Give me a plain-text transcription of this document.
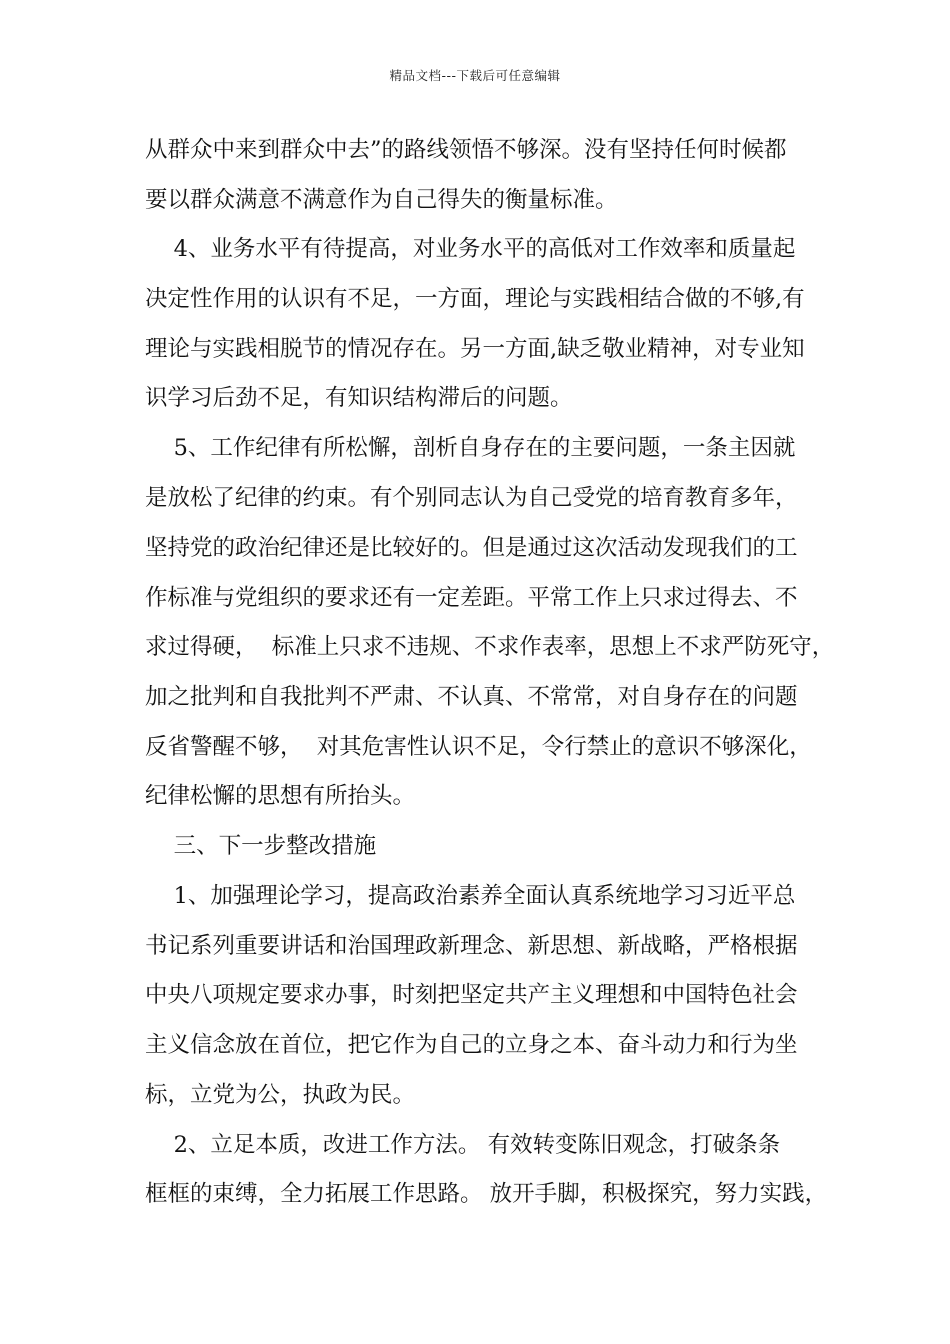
精品文档---下载后可任意编辑
从群众中来到群众中去”的路线领悟不够深。没有坚持任何时候都
要以群众满意不满意作为自己得失的衡量标准。
4、业务水平有待提高，对业务水平的高低对工作效率和质量起
决定性作用的认识有不足，一方面，理论与实践相结合做的不够,有
理论与实践相脱节的情况存在。另一方面,缺乏敬业精神，对专业知
识学习后劲不足，有知识结构滞后的问题。
5、工作纪律有所松懈，剖析自身存在的主要问题，一条主因就
是放松了纪律的约束。有个别同志认为自己受党的培育教育多年，
坚持党的政治纪律还是比较好的。但是通过这次活动发现我们的工
作标准与党组织的要求还有一定差距。平常工作上只求过得去、不
求过得硬，  标准上只求不违规、不求作表率，思想上不求严防死守，
加之批判和自我批判不严肃、不认真、不常常，对自身存在的问题
反省警醒不够，  对其危害性认识不足，令行禁止的意识不够深化，
纪律松懈的思想有所抬头。
三、下一步整改措施
1、加强理论学习，提高政治素养全面认真系统地学习习近平总
书记系列重要讲话和治国理政新理念、新思想、新战略，严格根据
中央八项规定要求办事，时刻把坚定共产主义理想和中国特色社会
主义信念放在首位，把它作为自己的立身之本、奋斗动力和行为坐
标，立党为公，执政为民。
2、立足本质，改进工作方法。 有效转变陈旧观念，打破条条
框框的束缚，全力拓展工作思路。 放开手脚，积极探究，努力实践，
